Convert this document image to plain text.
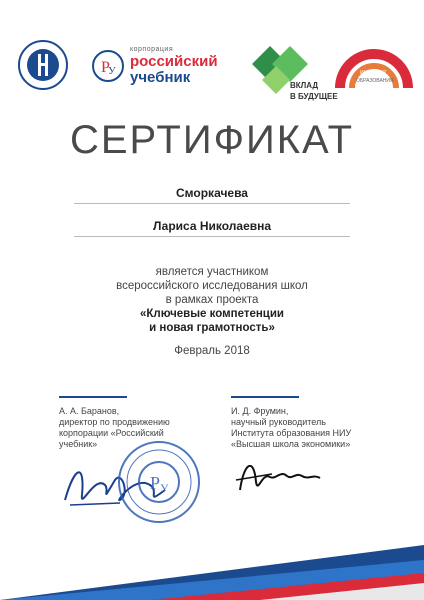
Р
У
корпорация
российский
учебник	ВКЛАД
В БУДУЩЕЕ
ИНСТИТУТ
ОБРАЗОВАНИЯ
СЕРТИФИКАТ
Сморкачева
Лариса Николаевна
является участником
всероссийского исследования школ
в рамках проекта
«Ключевые компетенции
и новая грамотность»
Февраль 2018
А. А. Баранов,
директор по продвижению
корпорации «Российский учебник»
И. Д. Фрумин,
научный руководитель
Института образования НИУ
«Высшая школа экономики»
Р У
